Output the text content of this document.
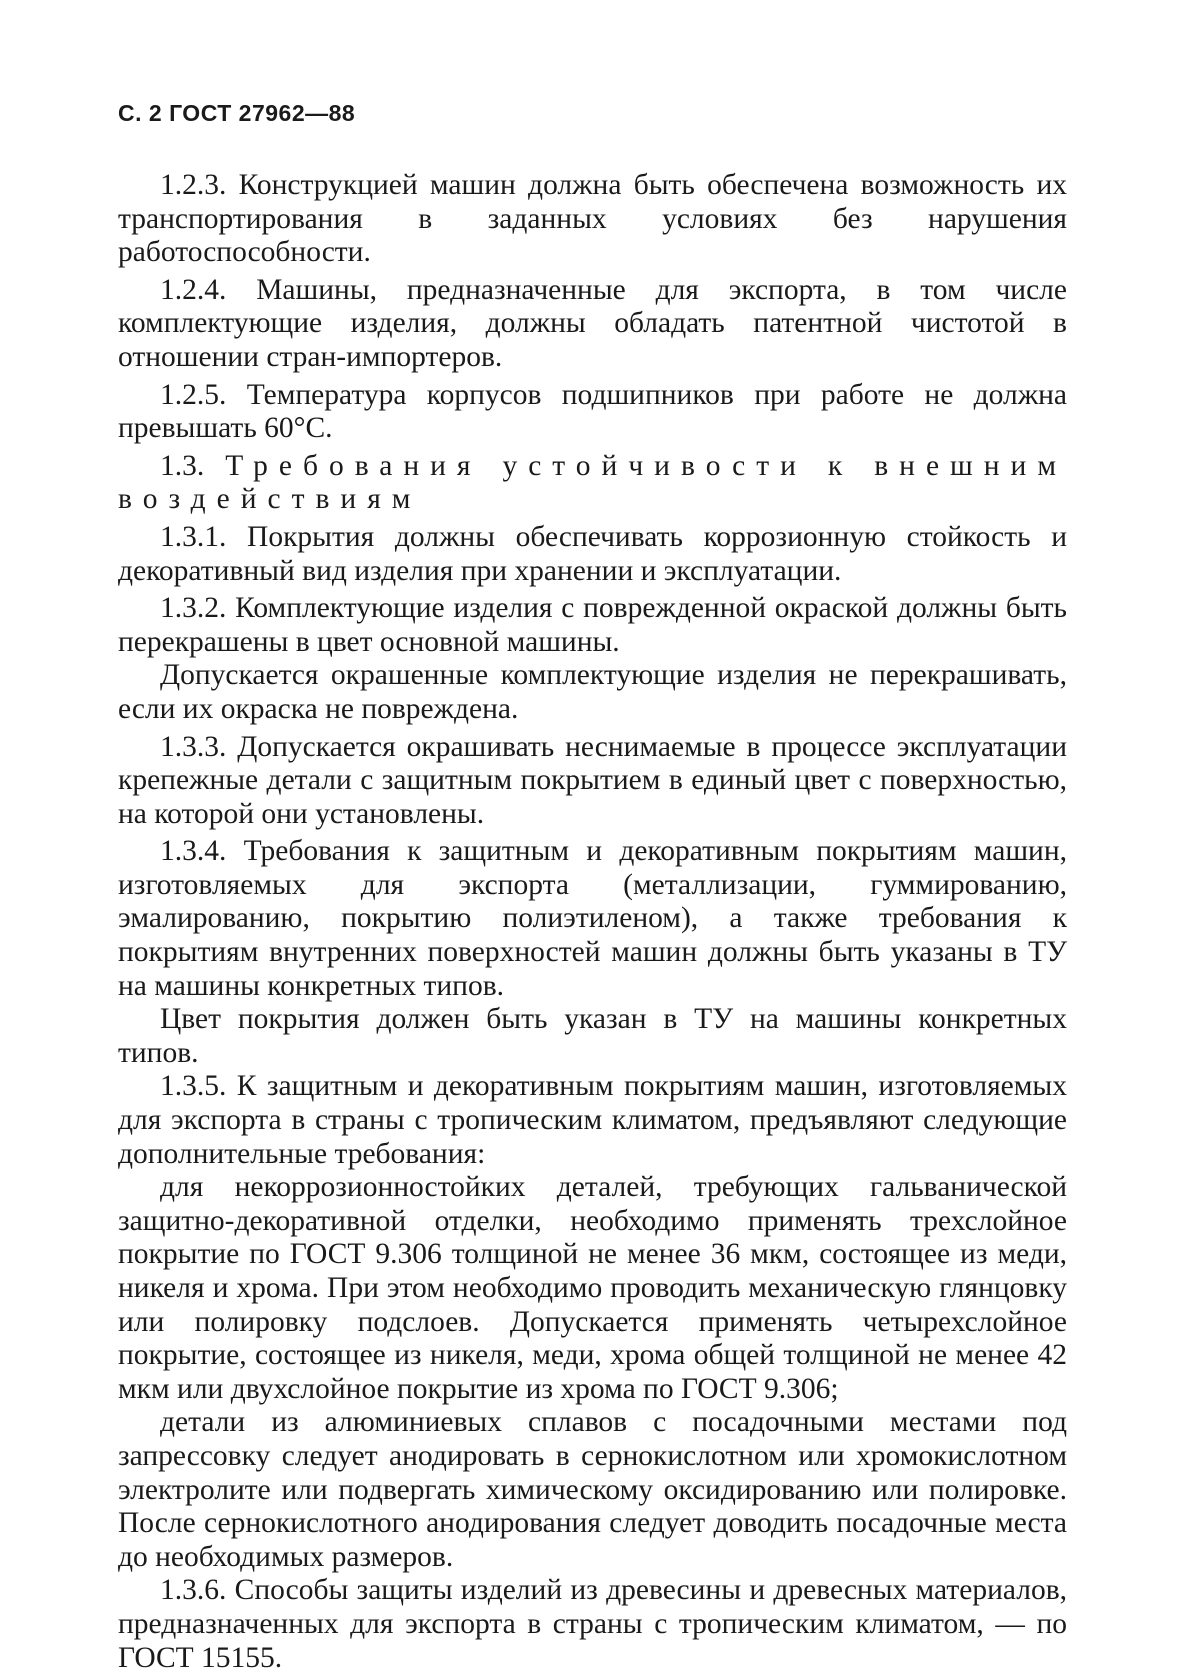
С. 2 ГОСТ 27962—88

1.2.3. Конструкцией машин должна быть обеспечена возможность их транспортирования в заданных условиях без нарушения работоспособности.

1.2.4. Машины, предназначенные для экспорта, в том числе комплектующие изделия, должны обладать патентной чистотой в отношении стран-импортеров.

1.2.5. Температура корпусов подшипников при работе не должна превышать 60°С.

1.3. Требования устойчивости к внешним воздействиям

1.3.1. Покрытия должны обеспечивать коррозионную стойкость и декоративный вид изделия при хранении и эксплуатации.

1.3.2. Комплектующие изделия с поврежденной окраской должны быть перекрашены в цвет основной машины.

Допускается окрашенные комплектующие изделия не перекрашивать, если их окраска не повреждена.

1.3.3. Допускается окрашивать неснимаемые в процессе эксплуатации крепежные детали с защитным покрытием в единый цвет с поверхностью, на которой они установлены.

1.3.4. Требования к защитным и декоративным покрытиям машин, изготовляемых для экспорта (металлизации, гуммированию, эмалированию, покрытию полиэтиленом), а также требования к покрытиям внутренних поверхностей машин должны быть указаны в ТУ на машины конкретных типов.

Цвет покрытия должен быть указан в ТУ на машины конкретных типов.

1.3.5. К защитным и декоративным покрытиям машин, изготовляемых для экспорта в страны с тропическим климатом, предъявляют следующие дополнительные требования:

для некоррозионностойких деталей, требующих гальванической защитно-декоративной отделки, необходимо применять трехслойное покрытие по ГОСТ 9.306 толщиной не менее 36 мкм, состоящее из меди, никеля и хрома. При этом необходимо проводить механическую глянцовку или полировку подслоев. Допускается применять четырехслойное покрытие, состоящее из никеля, меди, хрома общей толщиной не менее 42 мкм или двухслойное покрытие из хрома по ГОСТ 9.306;

детали из алюминиевых сплавов с посадочными местами под запрессовку следует анодировать в сернокислотном или хромокислотном электролите или подвергать химическому оксидированию или полировке. После сернокислотного анодирования следует доводить посадочные места до необходимых размеров.

1.3.6. Способы защиты изделий из древесины и древесных материалов, предназначенных для экспорта в страны с тропическим климатом, — по ГОСТ 15155.
